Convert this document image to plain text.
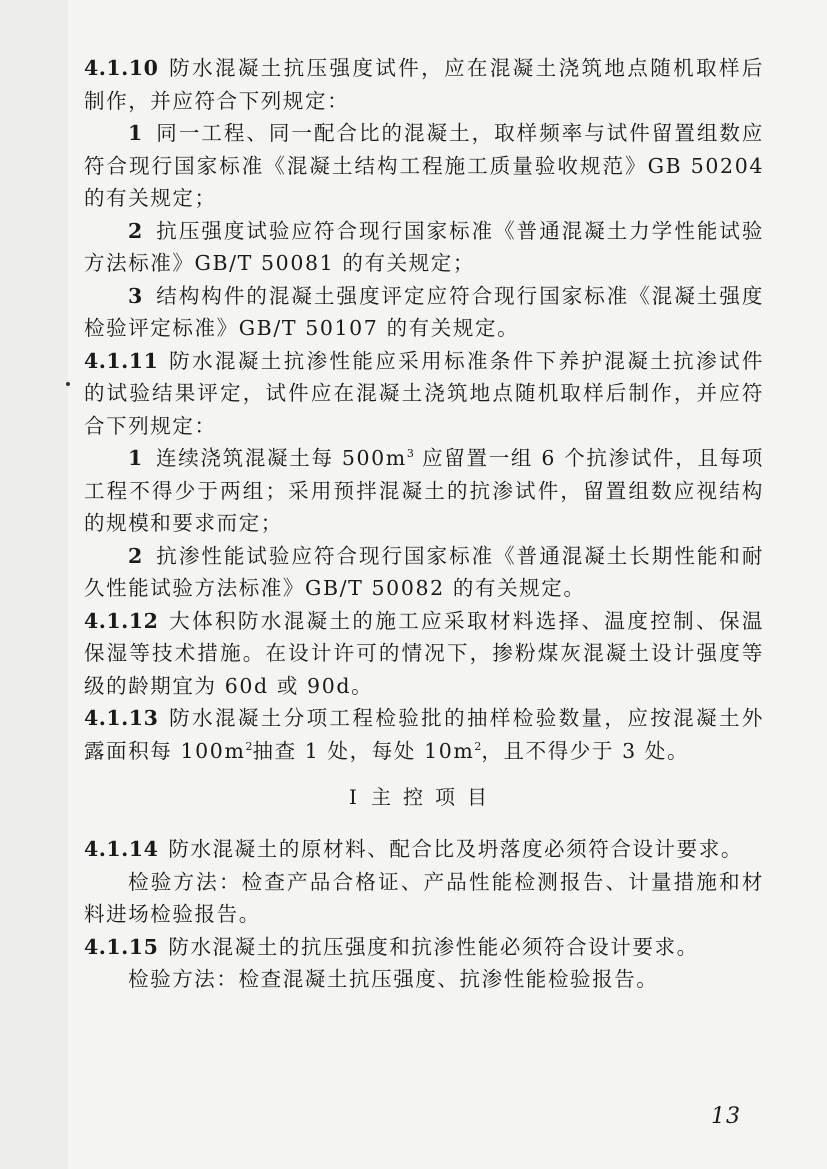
4.1.10 防水混凝土抗压强度试件，应在混凝土浇筑地点随机取样后制作，并应符合下列规定：

1 同一工程、同一配合比的混凝土，取样频率与试件留置组数应符合现行国家标准《混凝土结构工程施工质量验收规范》GB 50204 的有关规定；

2 抗压强度试验应符合现行国家标准《普通混凝土力学性能试验方法标准》GB/T 50081 的有关规定；

3 结构构件的混凝土强度评定应符合现行国家标准《混凝土强度检验评定标准》GB/T 50107 的有关规定。

4.1.11 防水混凝土抗渗性能应采用标准条件下养护混凝土抗渗试件的试验结果评定，试件应在混凝土浇筑地点随机取样后制作，并应符合下列规定：

1 连续浇筑混凝土每 $500m^3$ 应留置一组 6 个抗渗试件，且每项工程不得少于两组；采用预拌混凝土的抗渗试件，留置组数应视结构的规模和要求而定；

2 抗渗性能试验应符合现行国家标准《普通混凝土长期性能和耐久性能试验方法标准》GB/T 50082 的有关规定。

4.1.12 大体积防水混凝土的施工应采取材料选择、温度控制、保温保湿等技术措施。在设计许可的情况下，掺粉煤灰混凝土设计强度等级的龄期宜为 60d 或 90d。

4.1.13 防水混凝土分项工程检验批的抽样检验数量，应按混凝土外露面积每 $100m^2$抽查 1 处，每处 $10m^2$，且不得少于 3 处。

Ⅰ 主控项目

4.1.14 防水混凝土的原材料、配合比及坍落度必须符合设计要求。

检验方法：检查产品合格证、产品性能检测报告、计量措施和材料进场检验报告。

4.1.15 防水混凝土的抗压强度和抗渗性能必须符合设计要求。

检验方法：检查混凝土抗压强度、抗渗性能检验报告。

13
